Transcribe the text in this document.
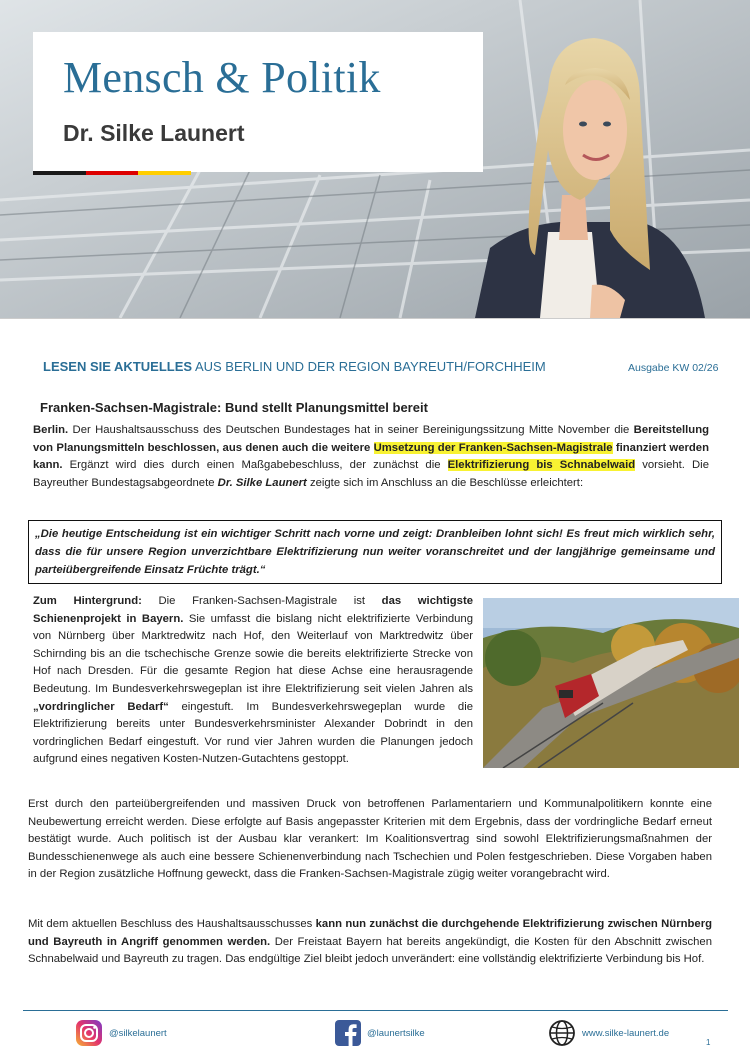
Mensch & Politik
Dr. Silke Launert
LESEN SIE AKTUELLES AUS BERLIN UND DER REGION BAYREUTH/FORCHHEIM	Ausgabe KW 02/26
Franken-Sachsen-Magistrale: Bund stellt Planungsmittel bereit
Berlin. Der Haushaltsausschuss des Deutschen Bundestages hat in seiner Bereinigungssitzung Mitte November die Bereitstellung von Planungsmitteln beschlossen, aus denen auch die weitere Umsetzung der Franken-Sachsen-Magistrale finanziert werden kann. Ergänzt wird dies durch einen Maßgabebeschluss, der zunächst die Elektrifizierung bis Schnabelwaid vorsieht. Die Bayreuther Bundestagsabgeordnete Dr. Silke Launert zeigte sich im Anschluss an die Beschlüsse erleichtert:
„Die heutige Entscheidung ist ein wichtiger Schritt nach vorne und zeigt: Dranbleiben lohnt sich! Es freut mich wirklich sehr, dass die für unsere Region unverzichtbare Elektrifizierung nun weiter voranschreitet und der langjährige gemeinsame und parteiübergreifende Einsatz Früchte trägt.“
Zum Hintergrund: Die Franken-Sachsen-Magistrale ist das wichtigste Schienenprojekt in Bayern. Sie umfasst die bislang nicht elektrifizierte Verbindung von Nürnberg über Marktredwitz nach Hof, den Weiterlauf von Marktredwitz über Schirnding bis an die tschechische Grenze sowie die bereits elektrifizierte Strecke von Hof nach Dresden. Für die gesamte Region hat diese Achse eine herausragende Bedeutung. Im Bundesverkehrswegeplan ist ihre Elektrifizierung seit vielen Jahren als „vordringlicher Bedarf“ eingestuft. Im Bundesverkehrswegeplan wurde die Elektrifizierung bereits unter Bundesverkehrsminister Alexander Dobrindt in den vordringlichen Bedarf eingestuft. Vor rund vier Jahren wurden die Planungen jedoch aufgrund eines negativen Kosten-Nutzen-Gutachtens gestoppt.
Erst durch den parteiübergreifenden und massiven Druck von betroffenen Parlamentariern und Kommunalpolitikern konnte eine Neubewertung erreicht werden. Diese erfolgte auf Basis angepasster Kriterien mit dem Ergebnis, dass der vordringliche Bedarf erneut bestätigt wurde. Auch politisch ist der Ausbau klar verankert: Im Koalitionsvertrag sind sowohl Elektrifizierungsmaßnahmen der Bundesschienenwege als auch eine bessere Schienenverbindung nach Tschechien und Polen festgeschrieben. Diese Vorgaben haben in der Region zusätzliche Hoffnung geweckt, dass die Franken-Sachsen-Magistrale zügig weiter vorangebracht wird.
Mit dem aktuellen Beschluss des Haushaltsausschusses kann nun zunächst die durchgehende Elektrifizierung zwischen Nürnberg und Bayreuth in Angriff genommen werden. Der Freistaat Bayern hat bereits angekündigt, die Kosten für den Abschnitt zwischen Schnabelwaid und Bayreuth zu tragen. Das endgültige Ziel bleibt jedoch unverändert: eine vollständig elektrifizierte Verbindung bis Hof.
@silkelaunert	@launertsilke	www.silke-launert.de
1
